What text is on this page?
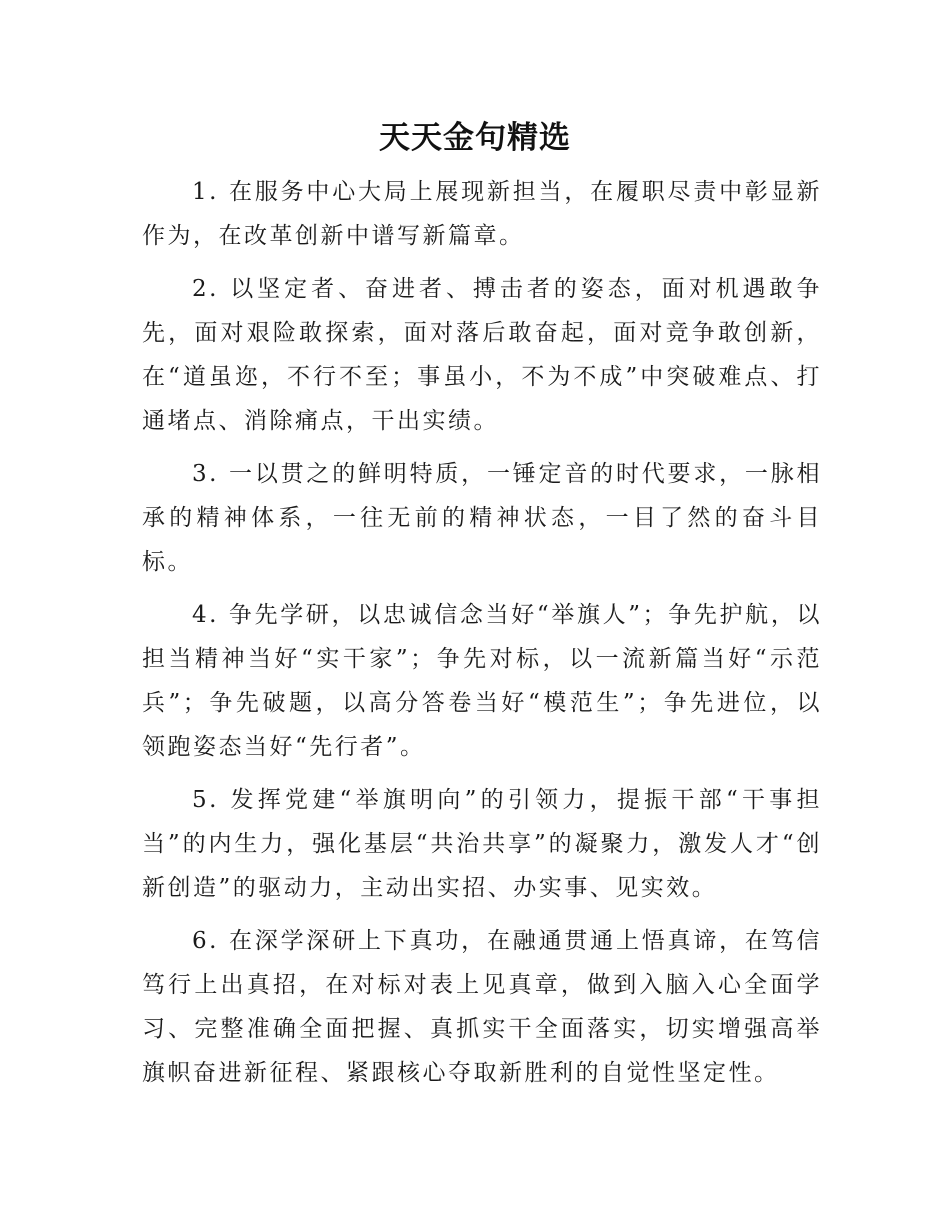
天天金句精选

1. 在服务中心大局上展现新担当，在履职尽责中彰显新作为，在改革创新中谱写新篇章。

2. 以坚定者、奋进者、搏击者的姿态，面对机遇敢争先，面对艰险敢探索，面对落后敢奋起，面对竞争敢创新，在“道虽迩，不行不至；事虽小，不为不成”中突破难点、打通堵点、消除痛点，干出实绩。

3. 一以贯之的鲜明特质，一锤定音的时代要求，一脉相承的精神体系，一往无前的精神状态，一目了然的奋斗目标。

4. 争先学研，以忠诚信念当好“举旗人”；争先护航，以担当精神当好“实干家”；争先对标，以一流新篇当好“示范兵”；争先破题，以高分答卷当好“模范生”；争先进位，以领跑姿态当好“先行者”。

5. 发挥党建“举旗明向”的引领力，提振干部“干事担当”的内生力，强化基层“共治共享”的凝聚力，激发人才“创新创造”的驱动力，主动出实招、办实事、见实效。

6. 在深学深研上下真功，在融通贯通上悟真谛，在笃信笃行上出真招，在对标对表上见真章，做到入脑入心全面学习、完整准确全面把握、真抓实干全面落实，切实增强高举旗帜奋进新征程、紧跟核心夺取新胜利的自觉性坚定性。
